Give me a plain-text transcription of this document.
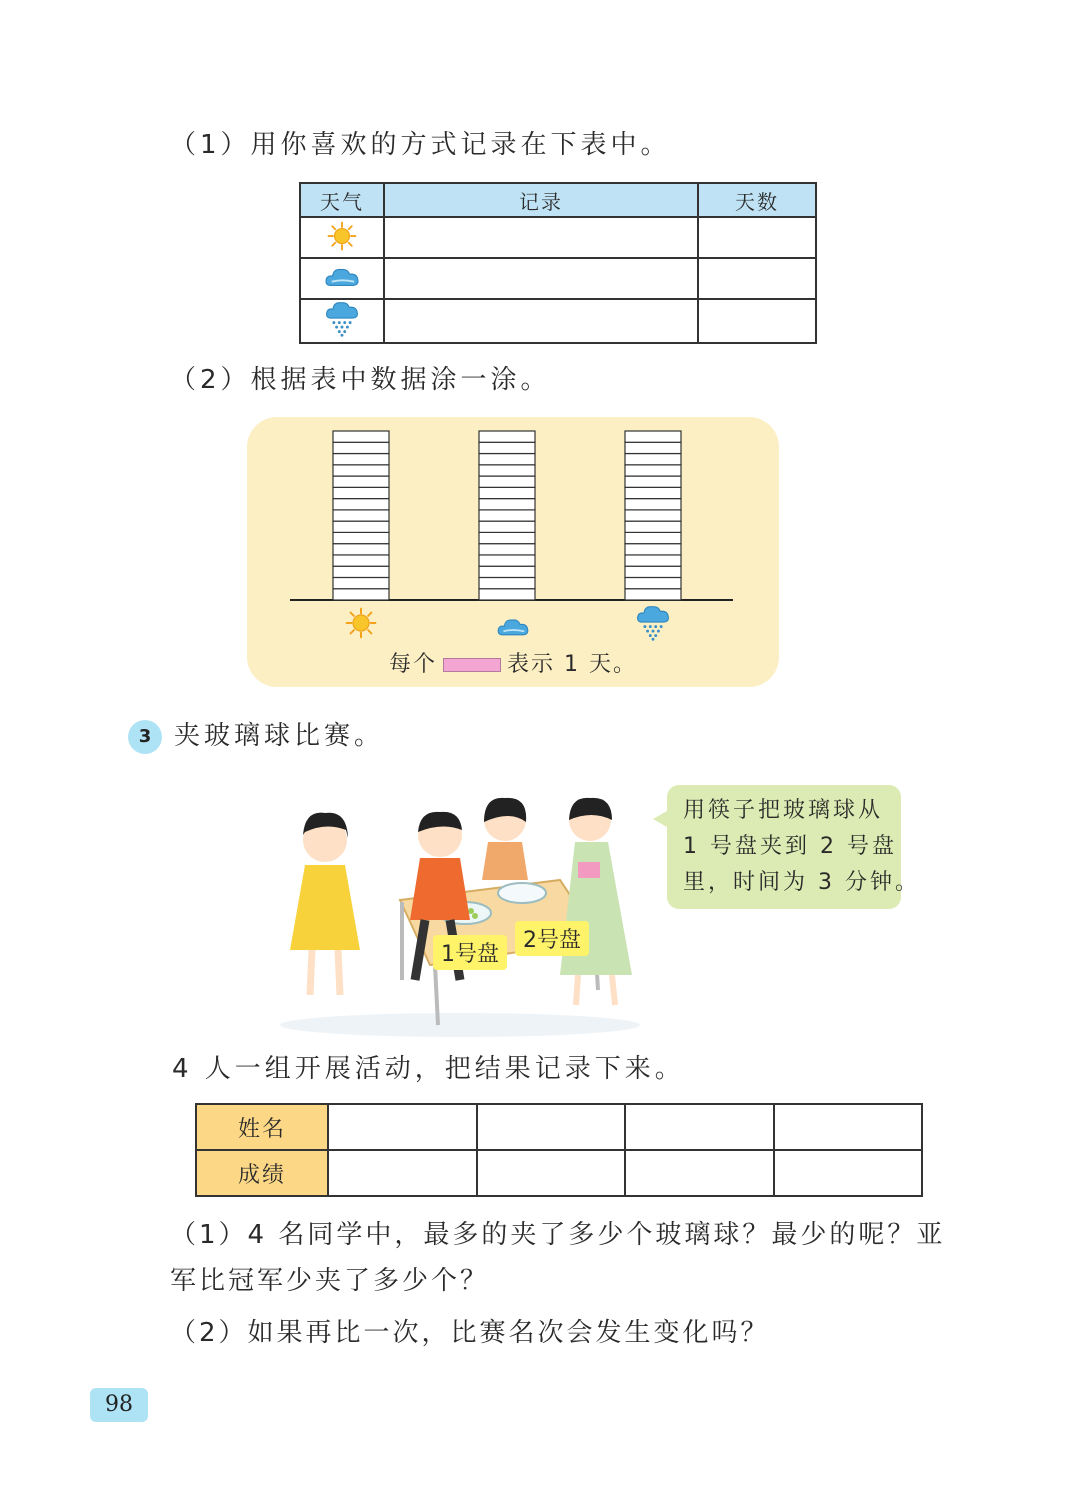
（1）用你喜欢的方式记录在下表中。
天气	记录	天数

（2）根据表中数据涂一涂。
每个	表示 1 天。
3 夹玻璃球比赛。
1号盘
2号盘
用筷子把玻璃球从
1 号盘夹到 2 号盘
里，时间为 3 分钟。
4 人一组开展活动，把结果记录下来。
姓名				
成绩				
（1）4 名同学中，最多的夹了多少个玻璃球？最少的呢？亚
军比冠军少夹了多少个？
（2）如果再比一次，比赛名次会发生变化吗？
98
